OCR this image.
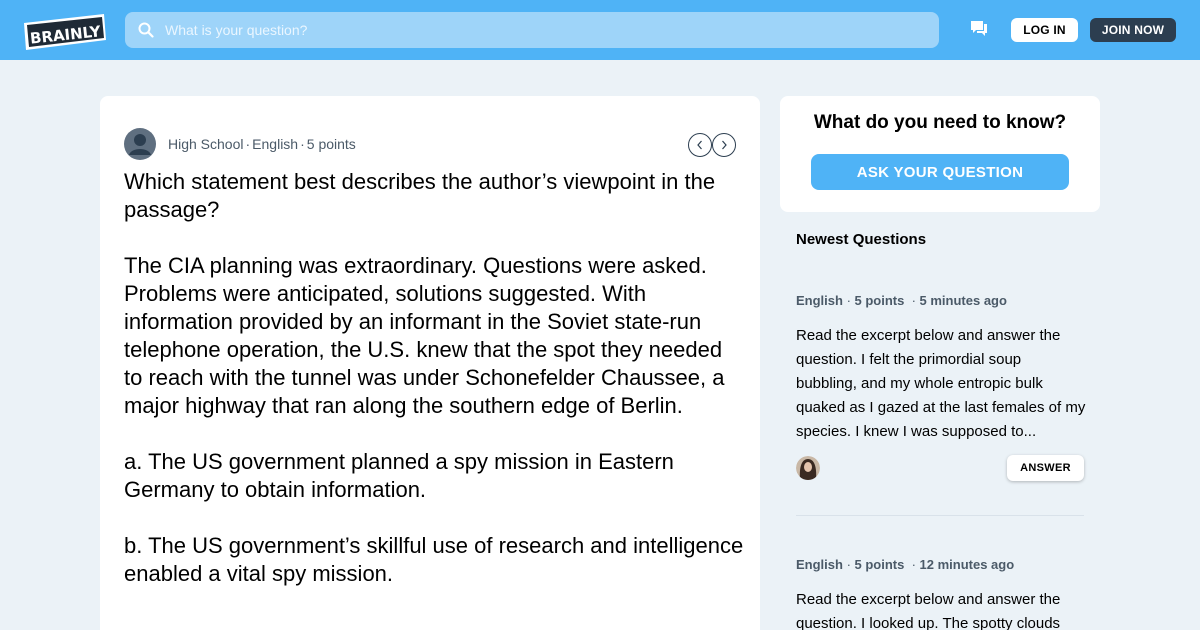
BRAINLY
What is your question?	LOG IN	JOIN NOW
High School · English · 5 points

Which statement best describes the author’s viewpoint in the passage?

The CIA planning was extraordinary. Questions were asked. Problems were anticipated, solutions suggested. With information provided by an informant in the Soviet state-run telephone operation, the U.S. knew that the spot they needed to reach with the tunnel was under Schonefelder Chaussee, a major highway that ran along the southern edge of Berlin.

a. The US government planned a spy mission in Eastern Germany to obtain information.

b. The US government’s skillful use of research and intelligence enabled a vital spy mission.

What do you need to know?
ASK YOUR QUESTION
Newest Questions
English · 5 points  · 5 minutes ago
Read the excerpt below and answer the question. I felt the primordial soup bubbling, and my whole entropic bulk quaked as I gazed at the last females of my species. I knew I was supposed to...
ANSWER
English · 5 points  · 12 minutes ago
Read the excerpt below and answer the question. I looked up. The spotty clouds
